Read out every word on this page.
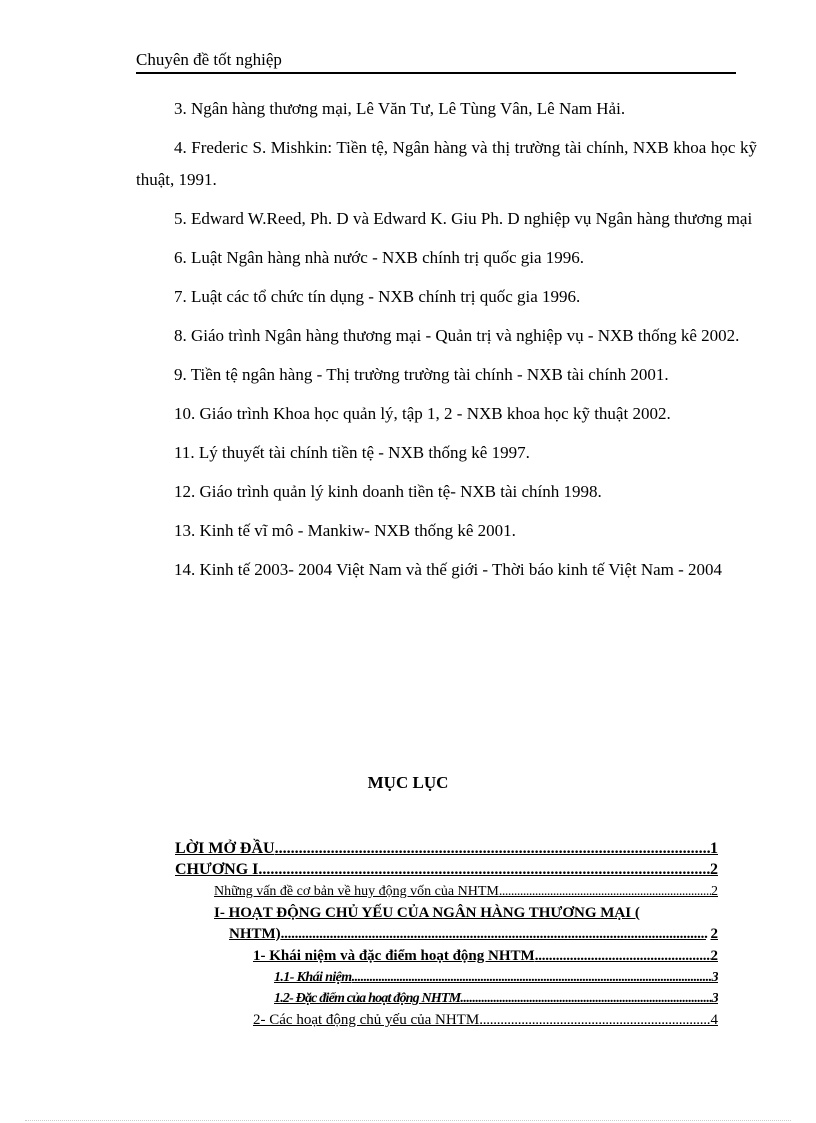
Chuyên đề tốt nghiệp

3. Ngân hàng thương mại, Lê Văn Tư, Lê Tùng Vân, Lê Nam Hải.

4. Frederic S. Mishkin: Tiền tệ, Ngân hàng và thị trường tài chính, NXB khoa học kỹ thuật, 1991.

5. Edward W.Reed, Ph. D và Edward K. Giu Ph. D nghiệp vụ Ngân hàng thương mại

6. Luật Ngân hàng nhà nước - NXB chính trị quốc gia 1996.

7. Luật các tổ chức tín dụng - NXB chính trị quốc gia 1996.

8. Giáo trình Ngân hàng thương mại - Quản trị và nghiệp vụ - NXB thống kê 2002.

9. Tiền tệ ngân hàng - Thị trường trường tài chính - NXB tài chính 2001.

10. Giáo trình Khoa học quản lý, tập 1, 2 - NXB khoa học kỹ thuật 2002.

11. Lý thuyết tài chính tiền tệ - NXB thống kê 1997.

12. Giáo trình quản lý kinh doanh tiền tệ- NXB tài chính 1998.

13. Kinh tế vĩ mô - Mankiw- NXB thống kê 2001.

14. Kinh tế 2003- 2004 Việt Nam và thế giới - Thời báo kinh tế Việt Nam - 2004

MỤC LỤC
LỜI MỞ ĐẦU . . .	1
CHƯƠNG I . . .	2
Những vấn đề cơ bản về huy động vốn của NHTM . . .	2
I- HOẠT ĐỘNG CHỦ YẾU CỦA NGÂN HÀNG THƯƠNG MẠI (
NHTM) . . .	2
1- Khái niệm và đặc điểm hoạt động NHTM . . .	2
1.1- Khái niệm . . .	3
1.2- Đặc điểm của hoạt động NHTM . . .	3
2- Các hoạt động chủ yếu của NHTM . . .	4
